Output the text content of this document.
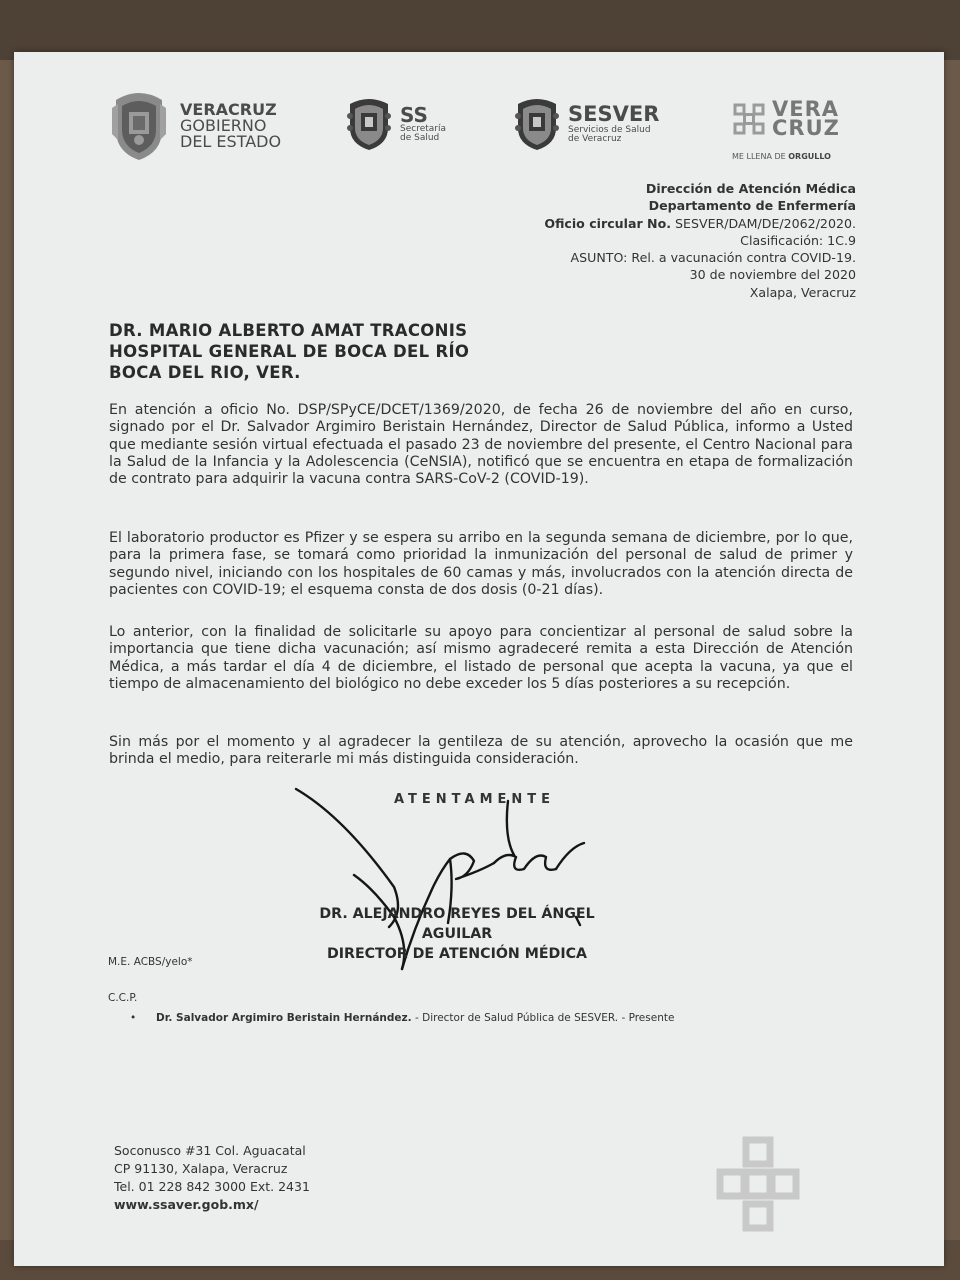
VERACRUZ
GOBIERNO
DEL ESTADO
SS
Secretaría
de Salud
SESVER
Servicios de Salud
de Veracruz
VERA
CRUZ
ME LLENA DE ORGULLO
Dirección de Atención Médica
Departamento de Enfermería
Oficio circular No. SESVER/DAM/DE/2062/2020.
Clasificación: 1C.9
ASUNTO: Rel. a vacunación contra COVID-19.
30 de noviembre del 2020
Xalapa, Veracruz
DR. MARIO ALBERTO AMAT TRACONIS
HOSPITAL GENERAL DE BOCA DEL RÍO
BOCA DEL RIO, VER.
En atención a oficio No. DSP/SPyCE/DCET/1369/2020, de fecha 26 de noviembre del año en curso, signado por el Dr. Salvador Argimiro Beristain Hernández, Director de Salud Pública, informo a Usted que mediante sesión virtual efectuada el pasado 23 de noviembre del presente, el Centro Nacional para la Salud de la Infancia y la Adolescencia (CeNSIA), notificó que se encuentra en etapa de formalización de contrato para adquirir la vacuna contra SARS-CoV-2 (COVID-19).
El laboratorio productor es Pfizer y se espera su arribo en la segunda semana de diciembre, por lo que, para la primera fase, se tomará como prioridad la inmunización del personal de salud de primer y segundo nivel, iniciando con los hospitales de 60 camas y más, involucrados con la atención directa de pacientes con COVID-19; el esquema consta de dos dosis (0-21 días).
Lo anterior, con la finalidad de solicitarle su apoyo para concientizar al personal de salud sobre la importancia que tiene dicha vacunación; así mismo agradeceré remita a esta Dirección de Atención Médica, a más tardar el día 4 de diciembre, el listado de personal que acepta la vacuna, ya que el tiempo de almacenamiento del biológico no debe exceder los 5 días posteriores a su recepción.
Sin más por el momento y al agradecer la gentileza de su atención, aprovecho la ocasión que me brinda el medio, para reiterarle mi más distinguida consideración.
ATENTAMENTE
DR. ALEJANDRO REYES DEL ÁNGEL AGUILAR
DIRECTOR DE ATENCIÓN MÉDICA
M.E. ACBS/yelo*
C.C.P.
• Dr. Salvador Argimiro Beristain Hernández. - Director de Salud Pública de SESVER. - Presente
Soconusco #31 Col. Aguacatal
CP 91130, Xalapa, Veracruz
Tel. 01 228 842 3000 Ext. 2431
www.ssaver.gob.mx/
